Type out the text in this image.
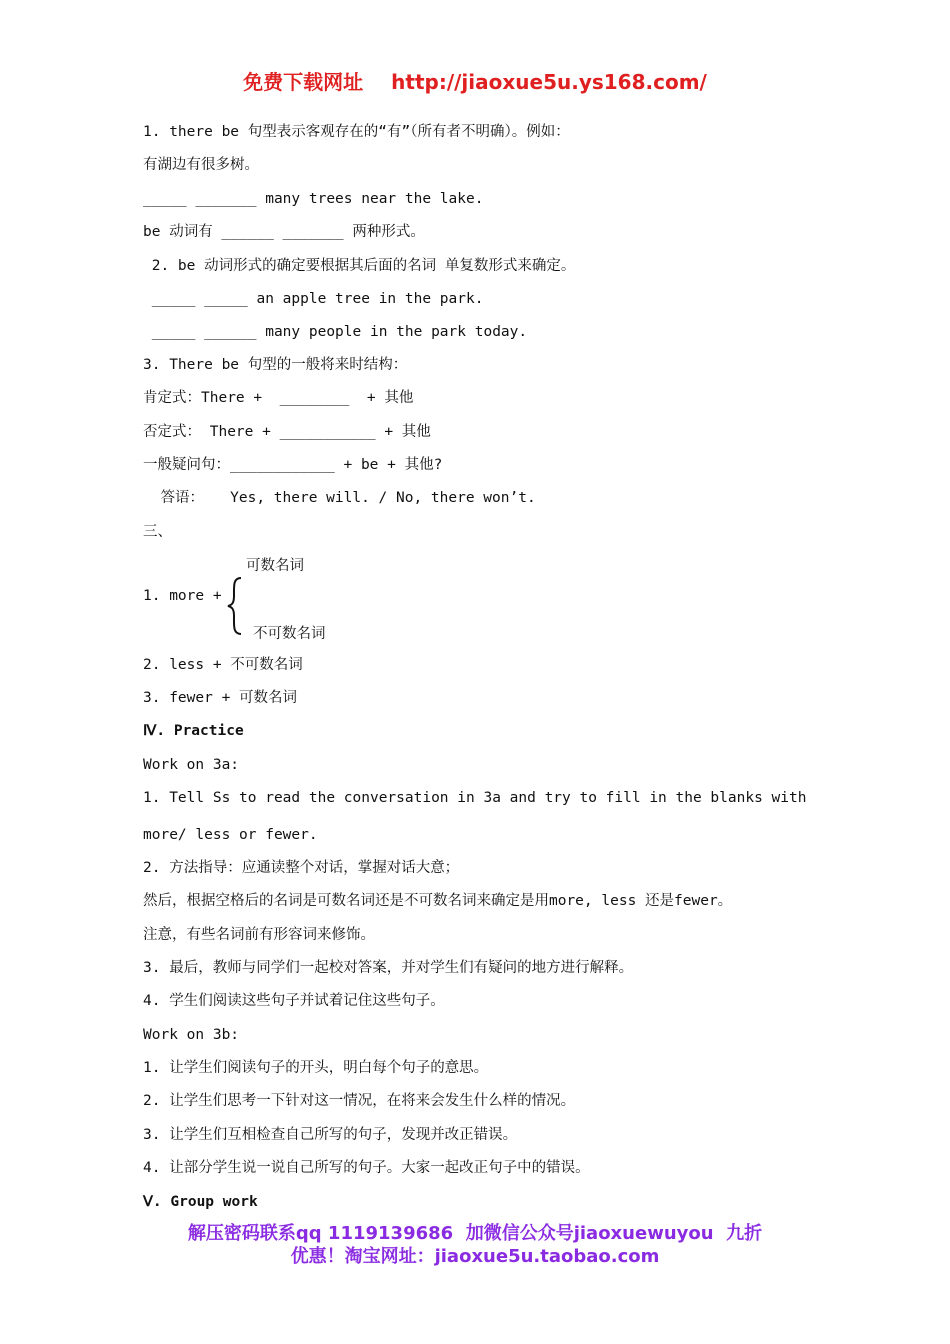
免费下载网址 http://jiaoxue5u.ys168.com/
1. there be 句型表示客观存在的“有”（所有者不明确）。例如：
有湖边有很多树。
_____ _______ many trees near the lake.
be 动词有 ______ _______ 两种形式。
2. be 动词形式的确定要根据其后面的名词 单复数形式来确定。
_____ _____ an apple tree in the park.
_____ ______ many people in the park today.
3. There be 句型的一般将来时结构：
肯定式：There +  ________  + 其他
否定式： There + ___________ + 其他
一般疑问句：____________ + be + 其他?
答语：   Yes, there will. / No, there won’t.
三、
可数名词
1. more +
不可数名词
2. less + 不可数名词
3. fewer + 可数名词
Ⅳ. Practice
Work on 3a:
1. Tell Ss to read the conversation in 3a and try to fill in the blanks with
more/ less or fewer.
2. 方法指导：应通读整个对话，掌握对话大意；
然后，根据空格后的名词是可数名词还是不可数名词来确定是用more, less 还是fewer。
注意，有些名词前有形容词来修饰。
3. 最后，教师与同学们一起校对答案，并对学生们有疑问的地方进行解释。
4. 学生们阅读这些句子并试着记住这些句子。
Work on 3b:
1. 让学生们阅读句子的开头，明白每个句子的意思。
2. 让学生们思考一下针对这一情况，在将来会发生什么样的情况。
3. 让学生们互相检查自己所写的句子，发现并改正错误。
4. 让部分学生说一说自己所写的句子。大家一起改正句子中的错误。
Ⅴ. Group work
解压密码联系qq 1119139686  加微信公众号jiaoxuewuyou  九折
优惠！淘宝网址：jiaoxue5u.taobao.com
